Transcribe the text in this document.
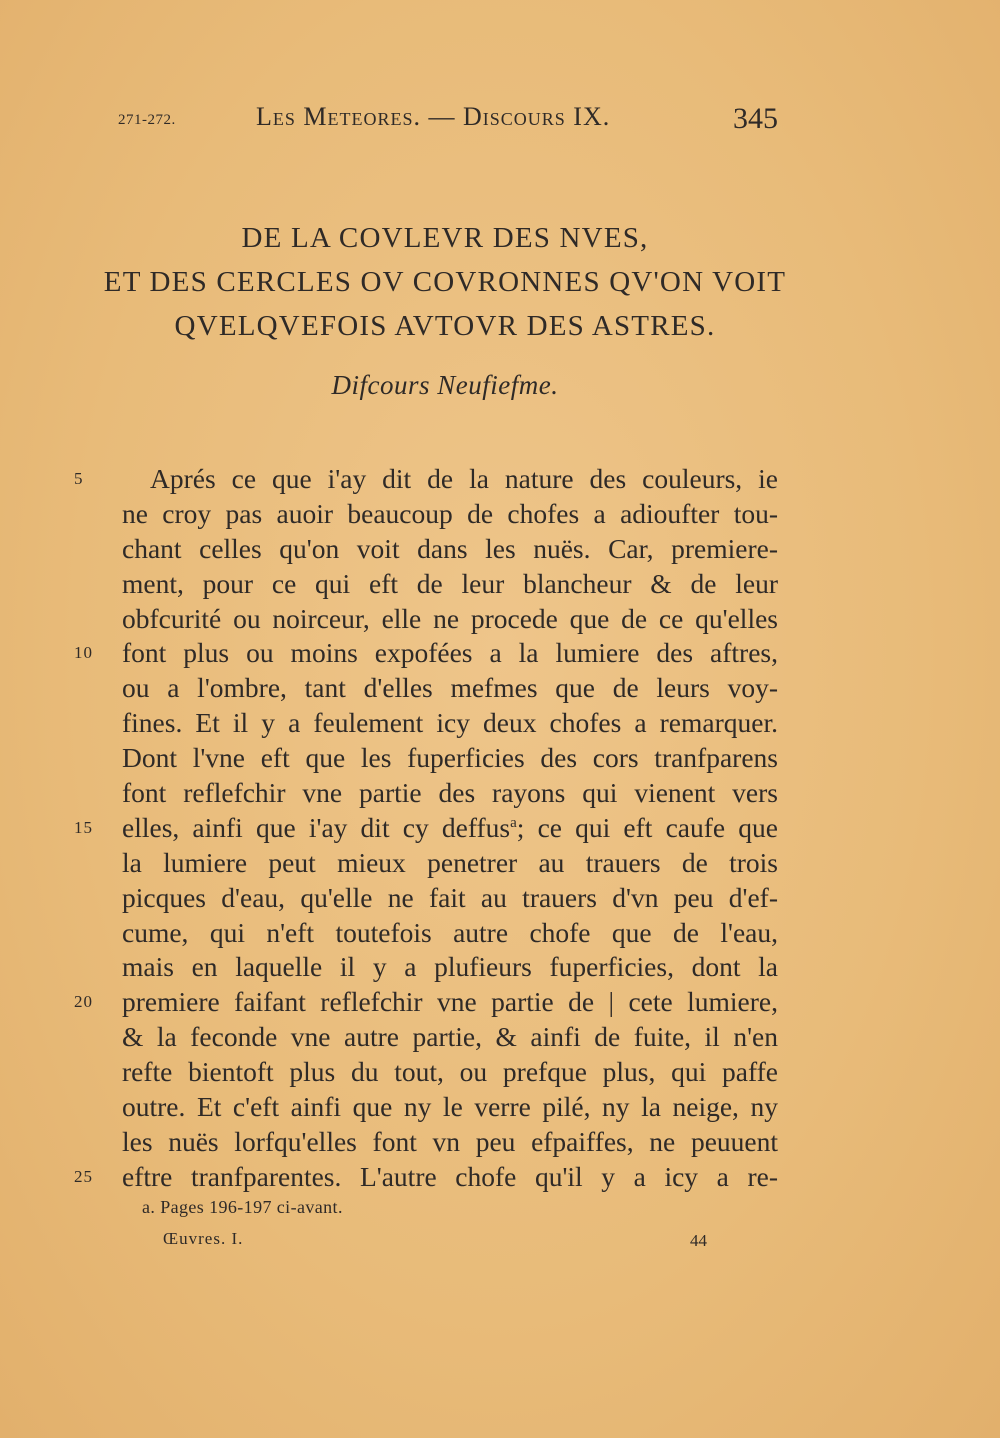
271-272.	Les Meteores. — Discours IX.	345
DE LA COVLEVR DES NVES,
ET DES CERCLES OV COVRONNES QV'ON VOIT
QVELQVEFOIS AVTOVR DES ASTRES.
Difcours Neufiefme.
5	Aprés ce que i'ay dit de la nature des couleurs, ie
ne croy pas auoir beaucoup de chofes a adioufter tou-
chant celles qu'on voit dans les nuës. Car, premiere-
ment, pour ce qui eft de leur blancheur & de leur
obfcurité ou noirceur, elle ne procede que de ce qu'elles
10	font plus ou moins expofées a la lumiere des aftres,
ou a l'ombre, tant d'elles mefmes que de leurs voy-
fines. Et il y a feulement icy deux chofes a remarquer.
Dont l'vne eft que les fuperficies des cors tranfparens
font reflefchir vne partie des rayons qui vienent vers
15	elles, ainfi que i'ay dit cy deffus$^a$; ce qui eft caufe que
la lumiere peut mieux penetrer au trauers de trois
picques d'eau, qu'elle ne fait au trauers d'vn peu d'ef-
cume, qui n'eft toutefois autre chofe que de l'eau,
mais en laquelle il y a plufieurs fuperficies, dont la
20	premiere faifant reflefchir vne partie de | cete lumiere,
& la feconde vne autre partie, & ainfi de fuite, il n'en
refte bientoft plus du tout, ou prefque plus, qui paffe
outre. Et c'eft ainfi que ny le verre pilé, ny la neige, ny
les nuës lorfqu'elles font vn peu efpaiffes, ne peuuent
25	eftre tranfparentes. L'autre chofe qu'il y a icy a re-
a. Pages 196-197 ci-avant.
Œuvres. I.	44
